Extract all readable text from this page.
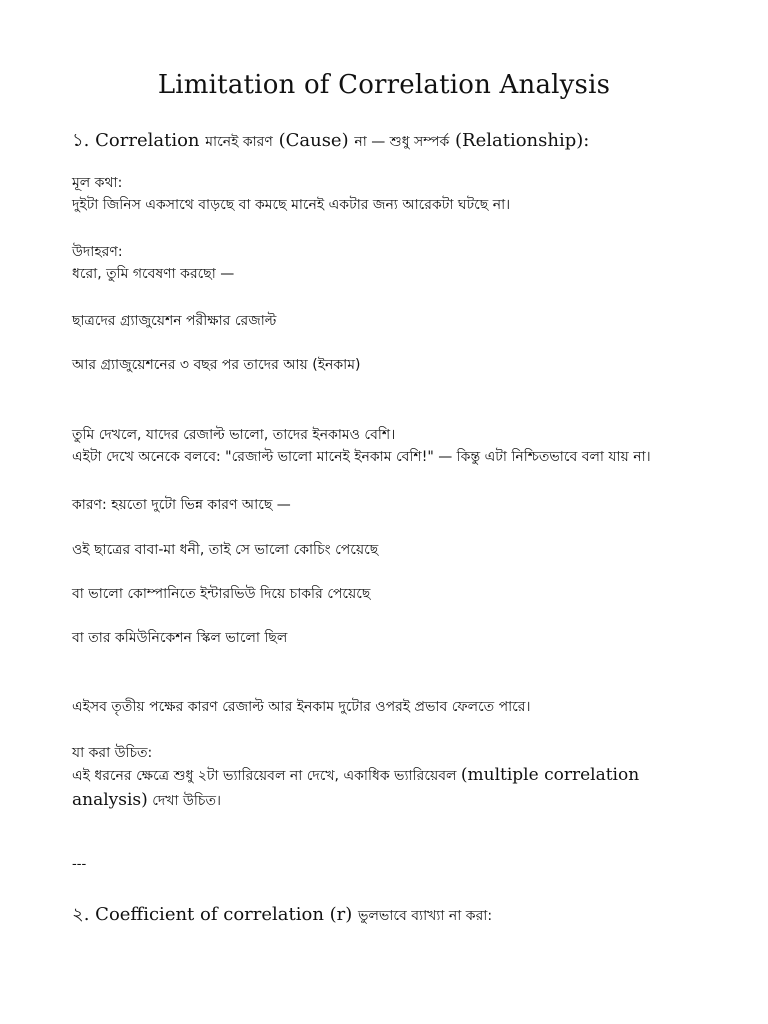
Limitation of Correlation Analysis
১. Correlation মানেই কারণ (Cause) না — শুধু সম্পর্ক (Relationship):
মূল কথা:
দুইটা জিনিস একসাথে বাড়ছে বা কমছে মানেই একটার জন্য আরেকটা ঘটছে না।
উদাহরণ:
ধরো, তুমি গবেষণা করছো —
ছাত্রদের গ্র্যাজুয়েশন পরীক্ষার রেজাল্ট
আর গ্র্যাজুয়েশনের ৩ বছর পর তাদের আয় (ইনকাম)
তুমি দেখলে, যাদের রেজাল্ট ভালো, তাদের ইনকামও বেশি।
এইটা দেখে অনেকে বলবে: "রেজাল্ট ভালো মানেই ইনকাম বেশি!" — কিন্তু এটা নিশ্চিতভাবে বলা যায় না।
কারণ: হয়তো দুটো ভিন্ন কারণ আছে —
ওই ছাত্রের বাবা-মা ধনী, তাই সে ভালো কোচিং পেয়েছে
বা ভালো কোম্পানিতে ইন্টারভিউ দিয়ে চাকরি পেয়েছে
বা তার কমিউনিকেশন স্কিল ভালো ছিল
এইসব তৃতীয় পক্ষের কারণ রেজাল্ট আর ইনকাম দুটোর ওপরই প্রভাব ফেলতে পারে।
যা করা উচিত:
এই ধরনের ক্ষেত্রে শুধু ২টা ভ্যারিয়েবল না দেখে, একাধিক ভ্যারিয়েবল (multiple correlation analysis) দেখা উচিত।
---
২. Coefficient of correlation (r) ভুলভাবে ব্যাখ্যা না করা:
